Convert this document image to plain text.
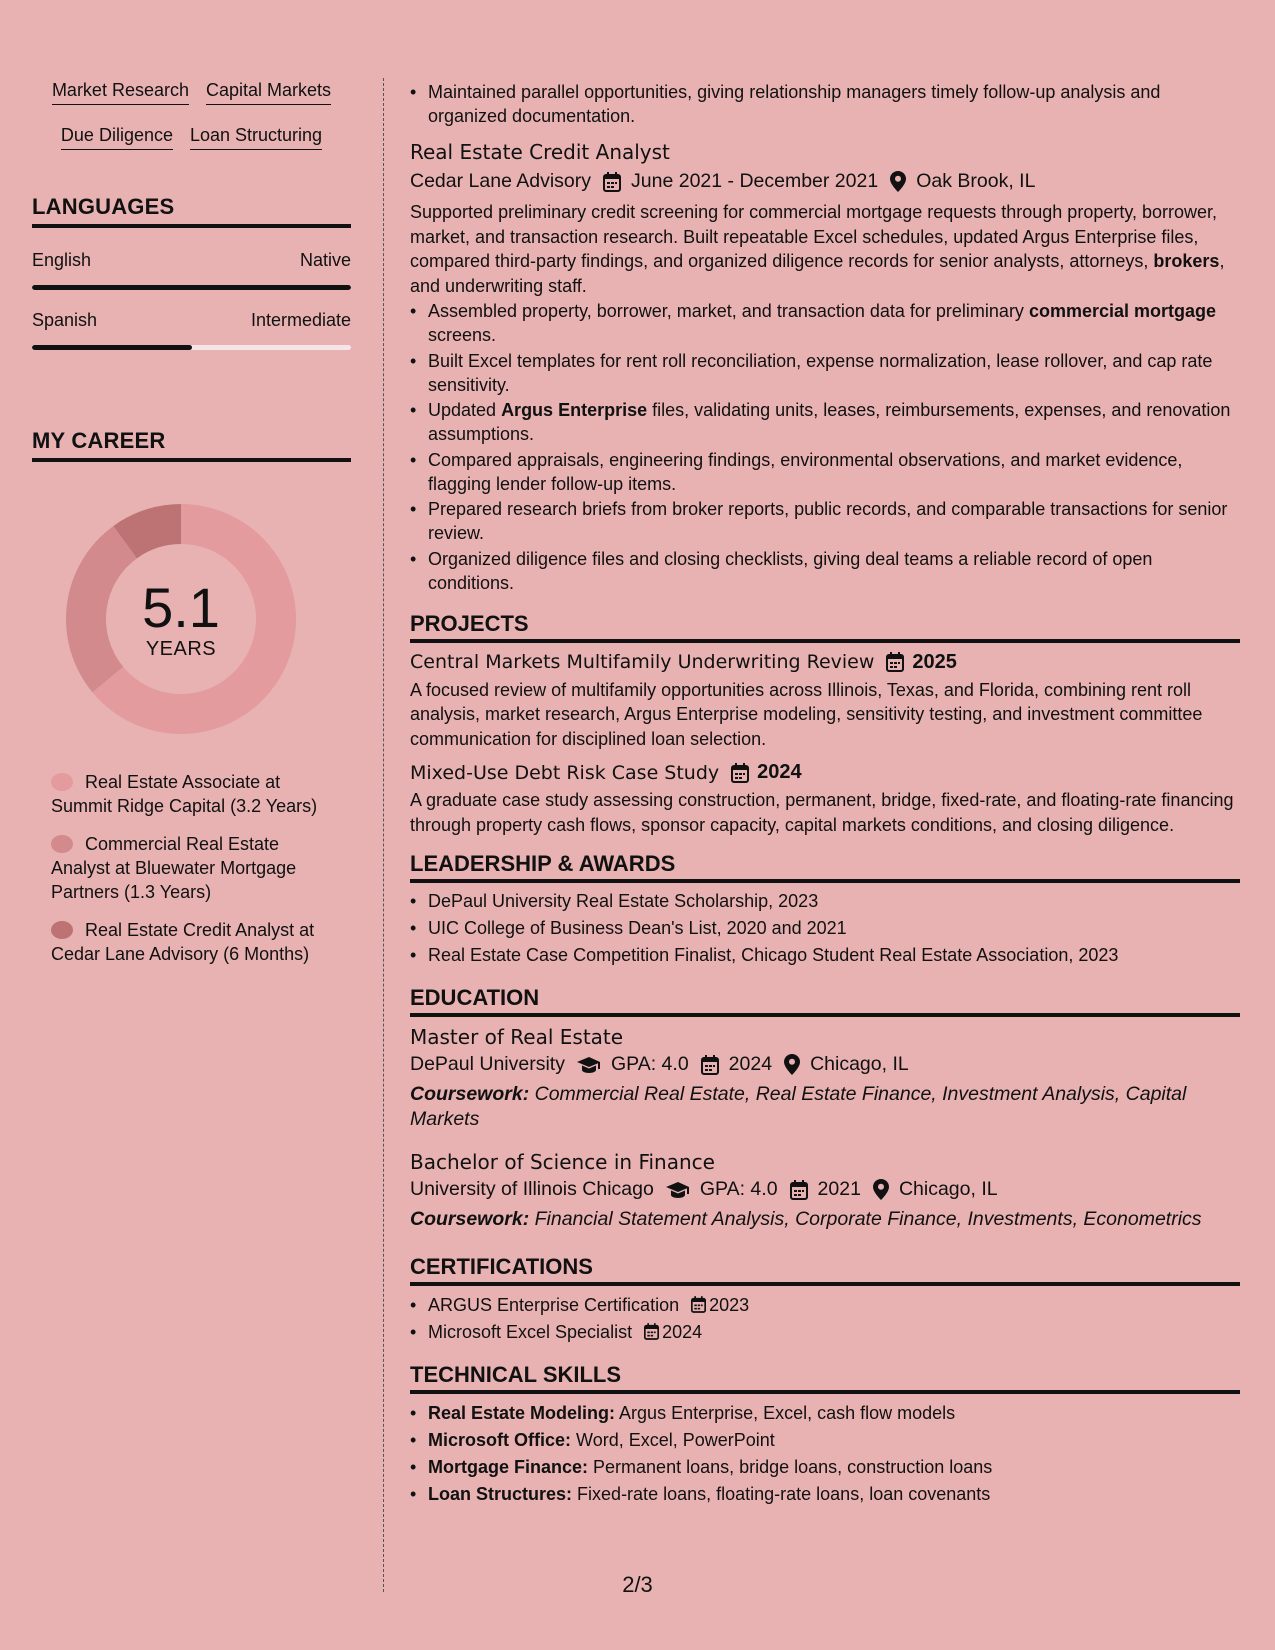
Market Research Capital Markets
Due Diligence Loan Structuring
LANGUAGES
English	Native
Spanish	Intermediate
MY CAREER
5.1
YEARS
Real Estate Associate at Summit Ridge Capital (3.2 Years)
Commercial Real Estate Analyst at Bluewater Mortgage Partners (1.3 Years)
Real Estate Credit Analyst at Cedar Lane Advisory (6 Months)
• Maintained parallel opportunities, giving relationship managers timely follow-up analysis and organized documentation.
Real Estate Credit Analyst
Cedar Lane Advisory June 2021 - December 2021 Oak Brook, IL
Supported preliminary credit screening for commercial mortgage requests through property, borrower, market, and transaction research. Built repeatable Excel schedules, updated Argus Enterprise files, compared third-party findings, and organized diligence records for senior analysts, attorneys, brokers, and underwriting staff.
• Assembled property, borrower, market, and transaction data for preliminary commercial mortgage screens.
• Built Excel templates for rent roll reconciliation, expense normalization, lease rollover, and cap rate sensitivity.
• Updated Argus Enterprise files, validating units, leases, reimbursements, expenses, and renovation assumptions.
• Compared appraisals, engineering findings, environmental observations, and market evidence, flagging lender follow-up items.
• Prepared research briefs from broker reports, public records, and comparable transactions for senior review.
• Organized diligence files and closing checklists, giving deal teams a reliable record of open conditions.
PROJECTS
Central Markets Multifamily Underwriting Review 2025
A focused review of multifamily opportunities across Illinois, Texas, and Florida, combining rent roll analysis, market research, Argus Enterprise modeling, sensitivity testing, and investment committee communication for disciplined loan selection.
Mixed-Use Debt Risk Case Study 2024
A graduate case study assessing construction, permanent, bridge, fixed-rate, and floating-rate financing through property cash flows, sponsor capacity, capital markets conditions, and closing diligence.
LEADERSHIP & AWARDS
• DePaul University Real Estate Scholarship, 2023
• UIC College of Business Dean's List, 2020 and 2021
• Real Estate Case Competition Finalist, Chicago Student Real Estate Association, 2023
EDUCATION
Master of Real Estate
DePaul University GPA: 4.0 2024 Chicago, IL
Coursework: Commercial Real Estate, Real Estate Finance, Investment Analysis, Capital Markets
Bachelor of Science in Finance
University of Illinois Chicago GPA: 4.0 2021 Chicago, IL
Coursework: Financial Statement Analysis, Corporate Finance, Investments, Econometrics
CERTIFICATIONS
• ARGUS Enterprise Certification 2023
• Microsoft Excel Specialist 2024
TECHNICAL SKILLS
• Real Estate Modeling: Argus Enterprise, Excel, cash flow models
• Microsoft Office: Word, Excel, PowerPoint
• Mortgage Finance: Permanent loans, bridge loans, construction loans
• Loan Structures: Fixed-rate loans, floating-rate loans, loan covenants
2/3
